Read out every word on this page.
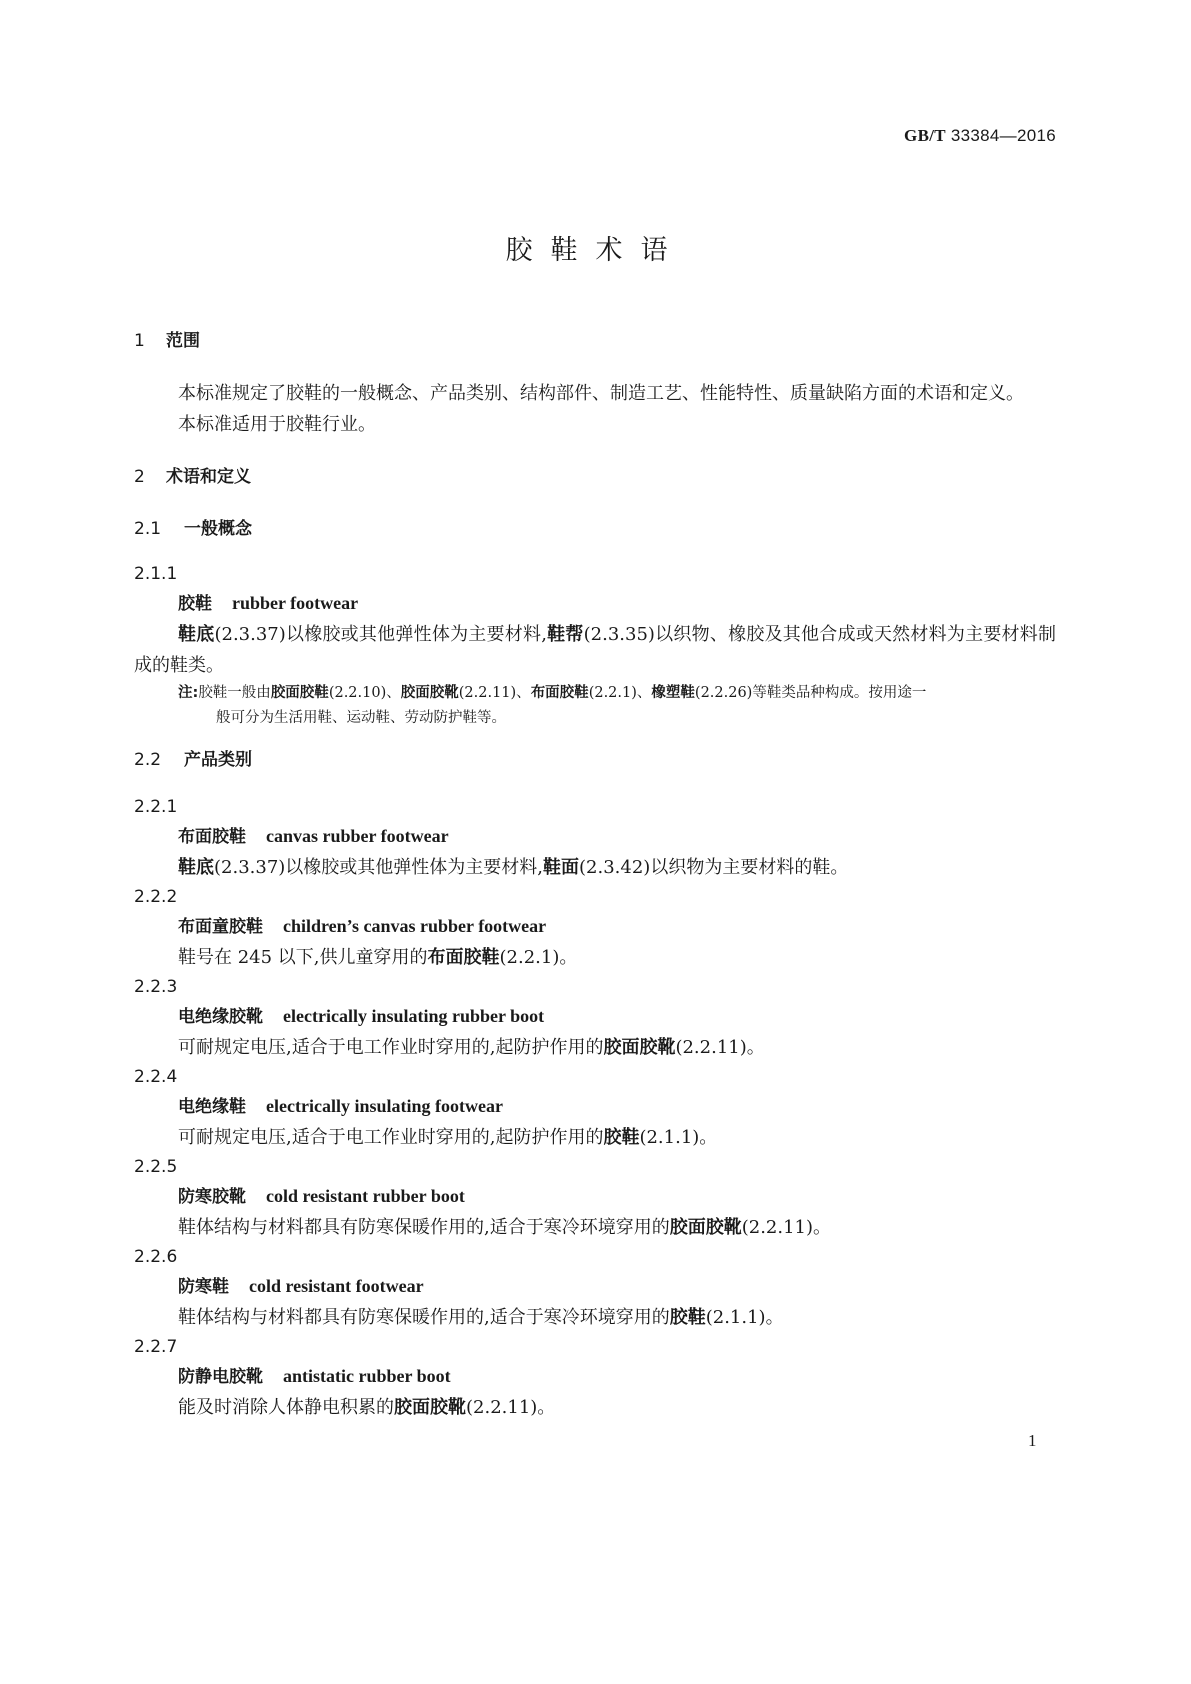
GB/T 33384—2016
胶鞋术语
1 范围
本标准规定了胶鞋的一般概念、产品类别、结构部件、制造工艺、性能特性、质量缺陷方面的术语和定义。
本标准适用于胶鞋行业。
2 术语和定义
2.1 一般概念
2.1.1
胶鞋 rubber footwear
鞋底(2.3.37)以橡胶或其他弹性体为主要材料,鞋帮(2.3.35)以织物、橡胶及其他合成或天然材料为主要材料制成的鞋类。
注:胶鞋一般由胶面胶鞋(2.2.10)、胶面胶靴(2.2.11)、布面胶鞋(2.2.1)、橡塑鞋(2.2.26)等鞋类品种构成。按用途一
般可分为生活用鞋、运动鞋、劳动防护鞋等。
2.2 产品类别
2.2.1
布面胶鞋 canvas rubber footwear
鞋底(2.3.37)以橡胶或其他弹性体为主要材料,鞋面(2.3.42)以织物为主要材料的鞋。
2.2.2
布面童胶鞋 children’s canvas rubber footwear
鞋号在 245 以下,供儿童穿用的布面胶鞋(2.2.1)。
2.2.3
电绝缘胶靴 electrically insulating rubber boot
可耐规定电压,适合于电工作业时穿用的,起防护作用的胶面胶靴(2.2.11)。
2.2.4
电绝缘鞋 electrically insulating footwear
可耐规定电压,适合于电工作业时穿用的,起防护作用的胶鞋(2.1.1)。
2.2.5
防寒胶靴 cold resistant rubber boot
鞋体结构与材料都具有防寒保暖作用的,适合于寒冷环境穿用的胶面胶靴(2.2.11)。
2.2.6
防寒鞋 cold resistant footwear
鞋体结构与材料都具有防寒保暖作用的,适合于寒冷环境穿用的胶鞋(2.1.1)。
2.2.7
防静电胶靴 antistatic rubber boot
能及时消除人体静电积累的胶面胶靴(2.2.11)。
1
